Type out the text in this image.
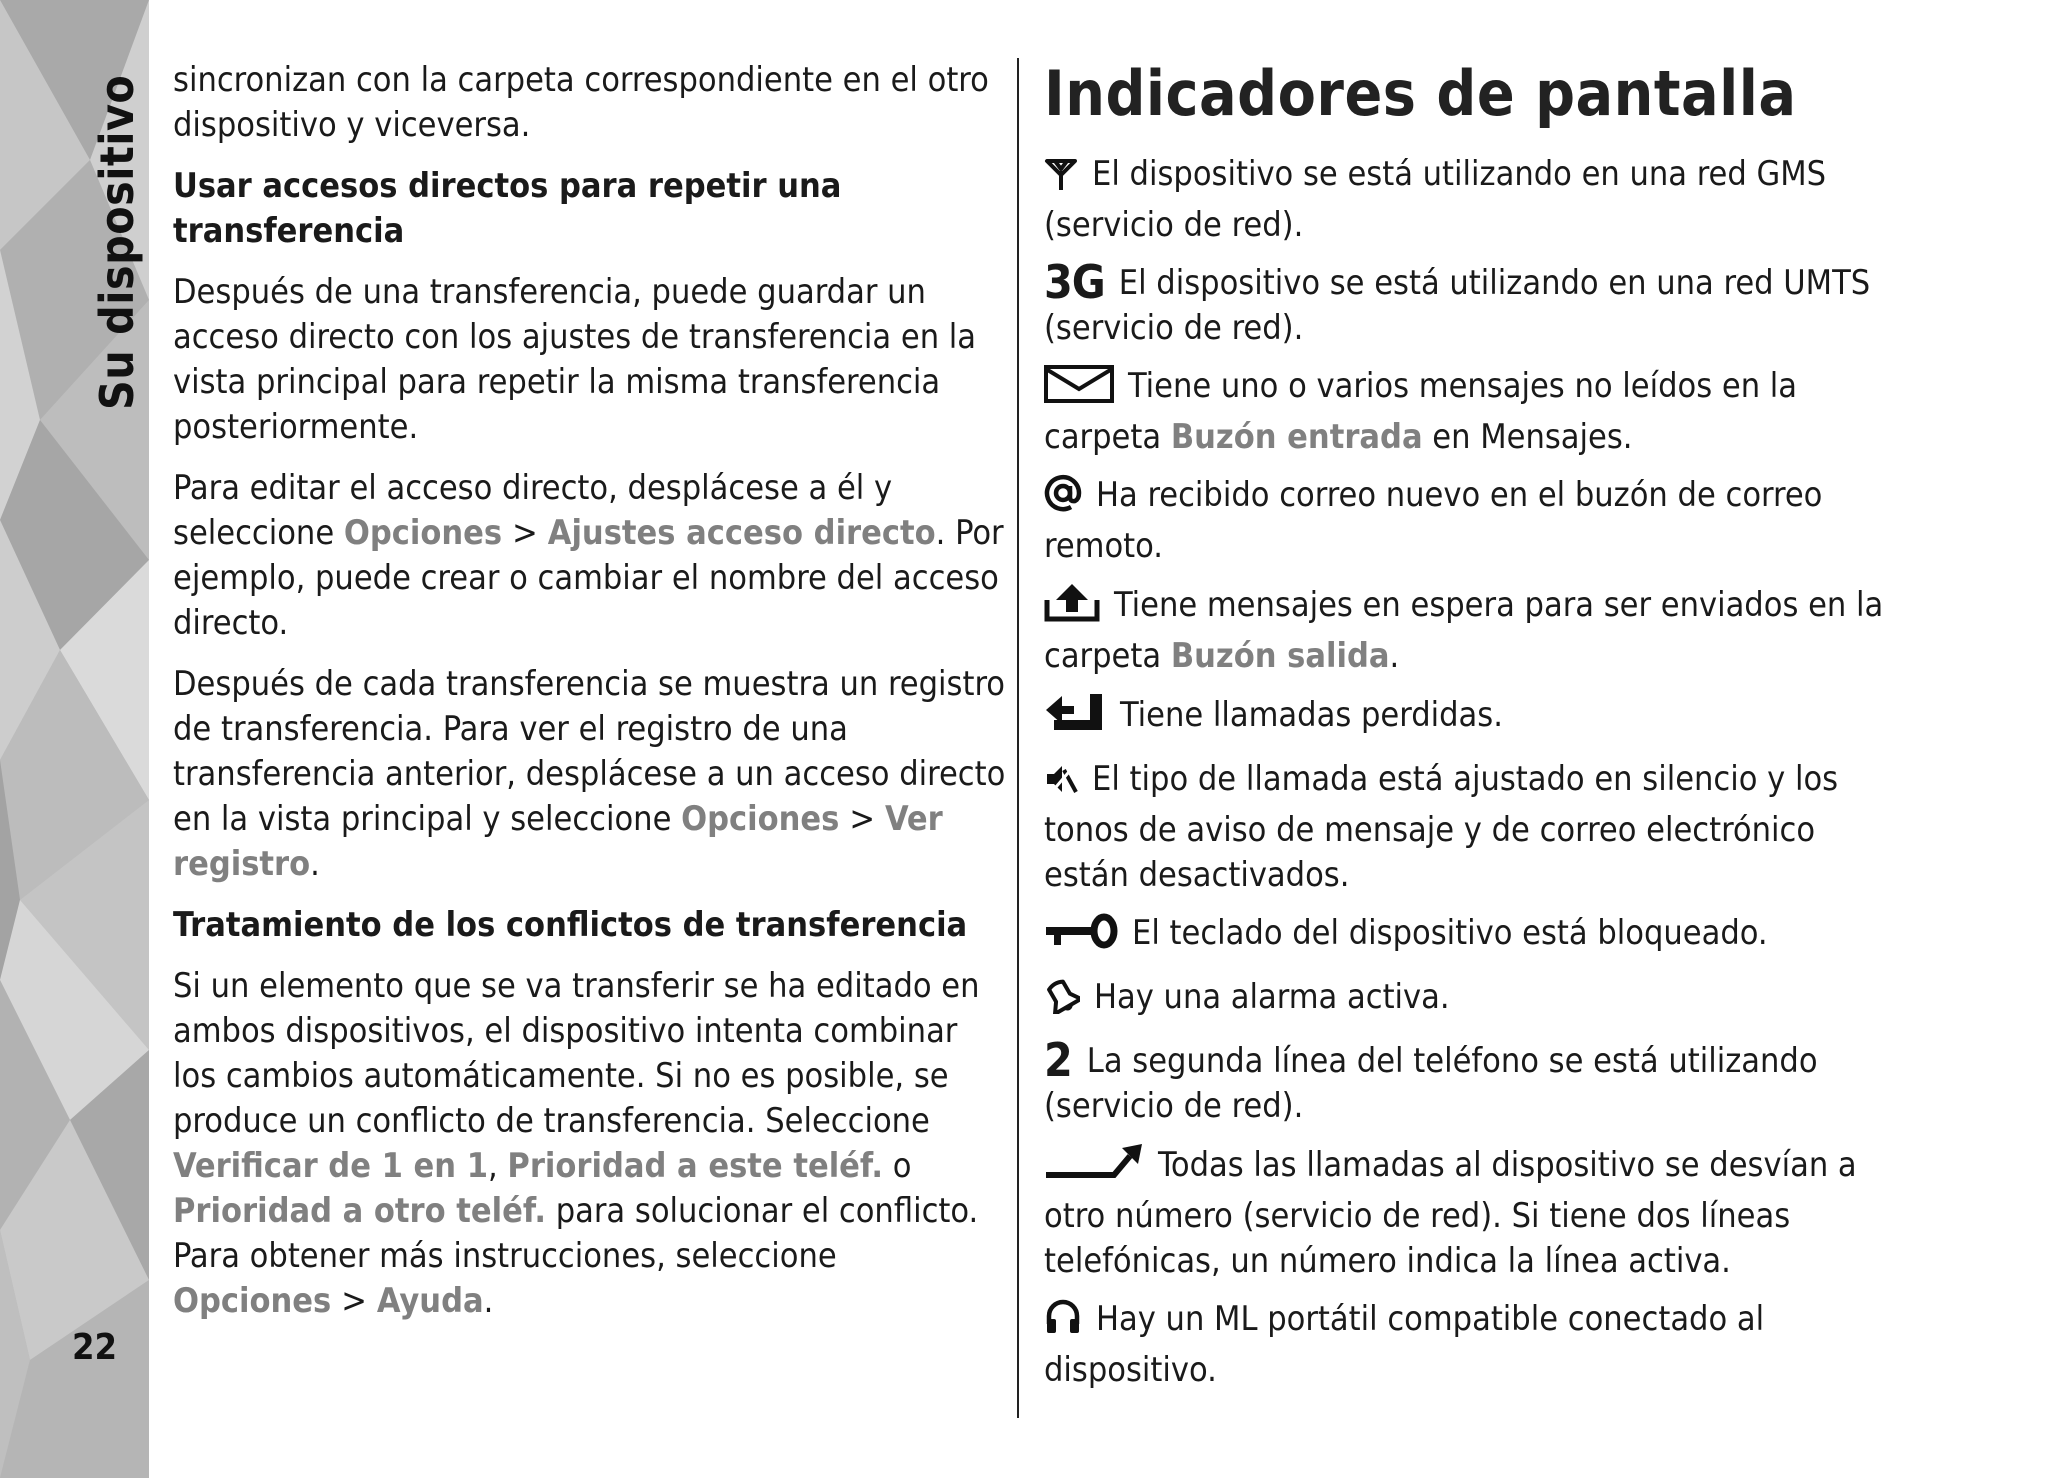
Su dispositivo
22

sincronizan con la carpeta correspondiente en el otro dispositivo y viceversa.

Usar accesos directos para repetir una transferencia

Después de una transferencia, puede guardar un acceso directo con los ajustes de transferencia en la vista principal para repetir la misma transferencia posteriormente.

Para editar el acceso directo, desplácese a él y seleccione Opciones > Ajustes acceso directo. Por ejemplo, puede crear o cambiar el nombre del acceso directo.

Después de cada transferencia se muestra un registro de transferencia. Para ver el registro de una transferencia anterior, desplácese a un acceso directo en la vista principal y seleccione Opciones > Ver registro.

Tratamiento de los conflictos de transferencia

Si un elemento que se va transferir se ha editado en ambos dispositivos, el dispositivo intenta combinar los cambios automáticamente. Si no es posible, se produce un conflicto de transferencia. Seleccione Verificar de 1 en 1, Prioridad a este teléf. o Prioridad a otro teléf. para solucionar el conflicto. Para obtener más instrucciones, seleccione Opciones > Ayuda.

Indicadores de pantalla

El dispositivo se está utilizando en una red GMS (servicio de red).

3G El dispositivo se está utilizando en una red UMTS (servicio de red).

Tiene uno o varios mensajes no leídos en la carpeta Buzón entrada en Mensajes.

Ha recibido correo nuevo en el buzón de correo remoto.

Tiene mensajes en espera para ser enviados en la carpeta Buzón salida.

Tiene llamadas perdidas.

El tipo de llamada está ajustado en silencio y los tonos de aviso de mensaje y de correo electrónico están desactivados.

El teclado del dispositivo está bloqueado.

Hay una alarma activa.

2 La segunda línea del teléfono se está utilizando (servicio de red).

Todas las llamadas al dispositivo se desvían a otro número (servicio de red). Si tiene dos líneas telefónicas, un número indica la línea activa.

Hay un ML portátil compatible conectado al dispositivo.
